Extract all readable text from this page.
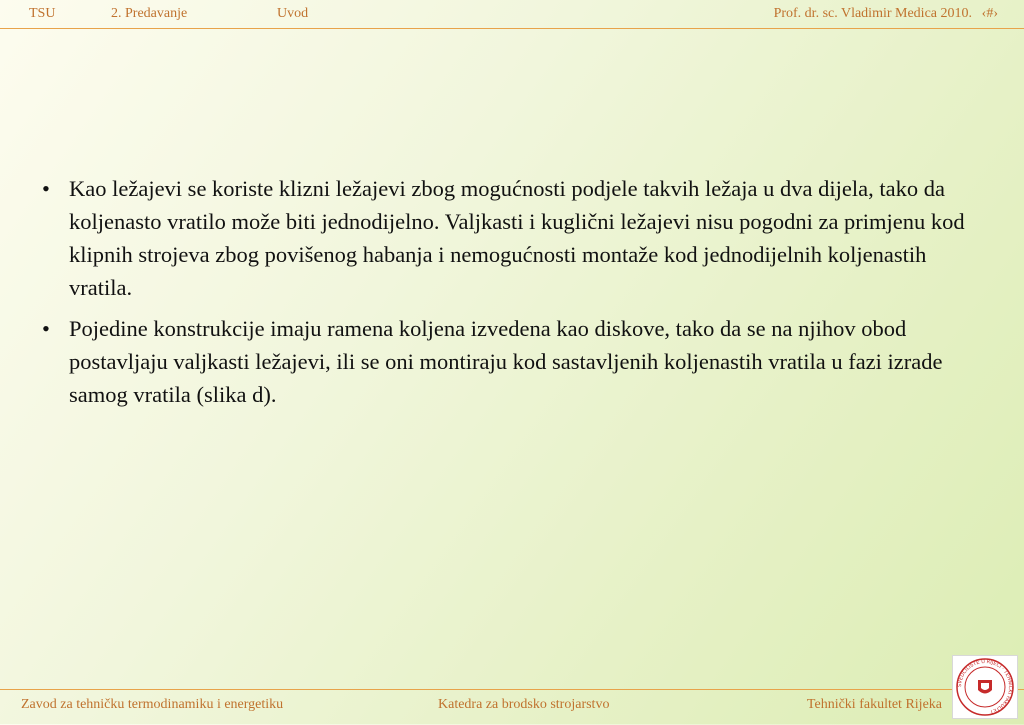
TSU	2. Predavanje	Uvod	Prof. dr. sc. Vladimir Medica 2010. ‹#›
• Kao ležajevi se koriste klizni ležajevi zbog mogućnosti podjele takvih ležaja u dva dijela, tako da koljenasto vratilo može biti jednodijelno. Valjkasti i kuglični ležajevi nisu pogodni za primjenu kod klipnih strojeva zbog povišenog habanja i nemogućnosti montaže kod jednodijelnih koljenastih vratila.
• Pojedine konstrukcije imaju ramena koljena izvedena kao diskove, tako da se na njihov obod postavljaju valjkasti ležajevi, ili se oni montiraju kod sastavljenih koljenastih vratila u fazi izrade samog vratila (slika d).
Zavod za tehničku termodinamiku i energetiku	Katedra za brodsko strojarstvo	Tehnički fakultet Rijeka
SVEUČILIŠTE U RIJECI · TEHNIČKI FAKULTET
